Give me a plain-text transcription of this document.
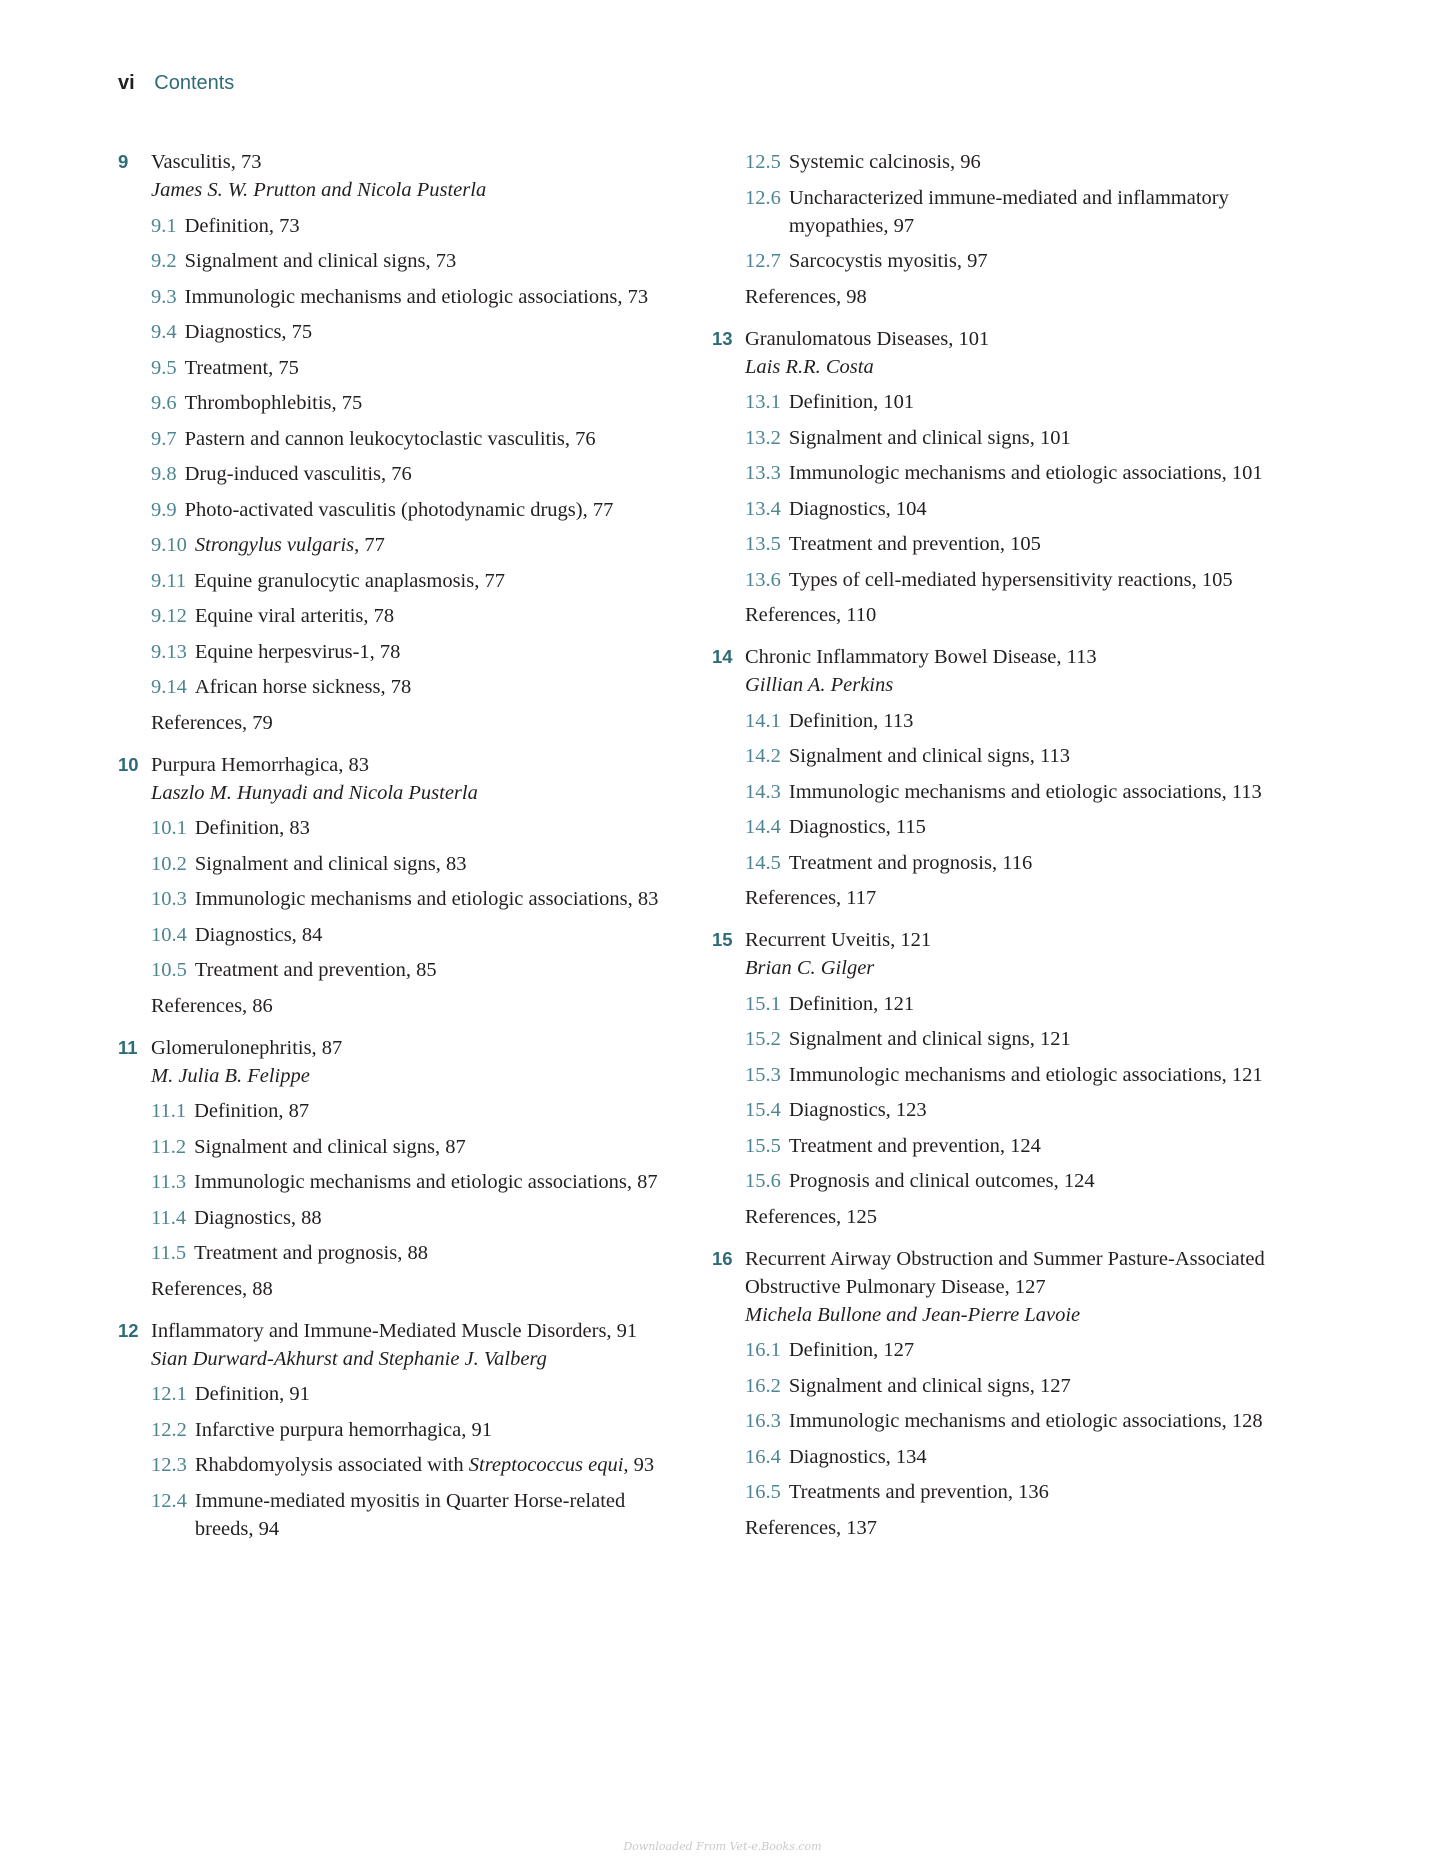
vi Contents
9	Vasculitis, 73
James S. W. Prutton and Nicola Pusterla
9.1 Definition, 73
9.2 Signalment and clinical signs, 73
9.3 Immunologic mechanisms and etiologic associations, 73
9.4 Diagnostics, 75
9.5 Treatment, 75
9.6 Thrombophlebitis, 75
9.7 Pastern and cannon leukocytoclastic vasculitis, 76
9.8 Drug-induced vasculitis, 76
9.9 Photo-activated vasculitis (photodynamic drugs), 77
9.10 Strongylus vulgaris, 77
9.11 Equine granulocytic anaplasmosis, 77
9.12 Equine viral arteritis, 78
9.13 Equine herpesvirus-1, 78
9.14 African horse sickness, 78
References, 79
10 Purpura Hemorrhagica, 83
Laszlo M. Hunyadi and Nicola Pusterla
10.1 Definition, 83
10.2 Signalment and clinical signs, 83
10.3 Immunologic mechanisms and etiologic associations, 83
10.4 Diagnostics, 84
10.5 Treatment and prevention, 85
References, 86
11 Glomerulonephritis, 87
M. Julia B. Felippe
11.1 Definition, 87
11.2 Signalment and clinical signs, 87
11.3 Immunologic mechanisms and etiologic associations, 87
11.4 Diagnostics, 88
11.5 Treatment and prognosis, 88
References, 88
12 Inflammatory and Immune-Mediated Muscle Disorders, 91
Sian Durward-Akhurst and Stephanie J. Valberg
12.1 Definition, 91
12.2 Infarctive purpura hemorrhagica, 91
12.3 Rhabdomyolysis associated with Streptococcus equi, 93
12.4 Immune-mediated myositis in Quarter Horse-related breeds, 94
12.5 Systemic calcinosis, 96
12.6 Uncharacterized immune-mediated and inflammatory myopathies, 97
12.7 Sarcocystis myositis, 97
References, 98
13 Granulomatous Diseases, 101
Lais R.R. Costa
13.1 Definition, 101
13.2 Signalment and clinical signs, 101
13.3 Immunologic mechanisms and etiologic associations, 101
13.4 Diagnostics, 104
13.5 Treatment and prevention, 105
13.6 Types of cell-mediated hypersensitivity reactions, 105
References, 110
14 Chronic Inflammatory Bowel Disease, 113
Gillian A. Perkins
14.1 Definition, 113
14.2 Signalment and clinical signs, 113
14.3 Immunologic mechanisms and etiologic associations, 113
14.4 Diagnostics, 115
14.5 Treatment and prognosis, 116
References, 117
15 Recurrent Uveitis, 121
Brian C. Gilger
15.1 Definition, 121
15.2 Signalment and clinical signs, 121
15.3 Immunologic mechanisms and etiologic associations, 121
15.4 Diagnostics, 123
15.5 Treatment and prevention, 124
15.6 Prognosis and clinical outcomes, 124
References, 125
16 Recurrent Airway Obstruction and Summer Pasture-Associated Obstructive Pulmonary Disease, 127
Michela Bullone and Jean-Pierre Lavoie
16.1 Definition, 127
16.2 Signalment and clinical signs, 127
16.3 Immunologic mechanisms and etiologic associations, 128
16.4 Diagnostics, 134
16.5 Treatments and prevention, 136
References, 137
Downloaded From Vet-e.Books.com
